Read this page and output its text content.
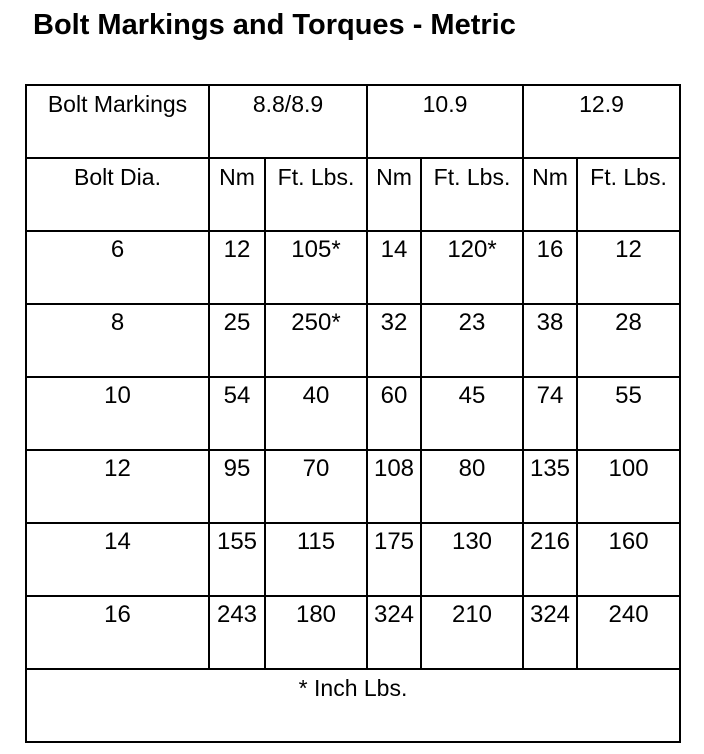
Bolt Markings and Torques - Metric
Bolt Markings	8.8/8.9		10.9		12.9	
Bolt Dia.	Nm	Ft. Lbs.	Nm	Ft. Lbs.	Nm	Ft. Lbs.
6	12	105*	14	120*	16	12
8	25	250*	32	23	38	28
10	54	40	60	45	74	55
12	95	70	108	80	135	100
14	155	115	175	130	216	160
16	243	180	324	210	324	240
* Inch Lbs.						
